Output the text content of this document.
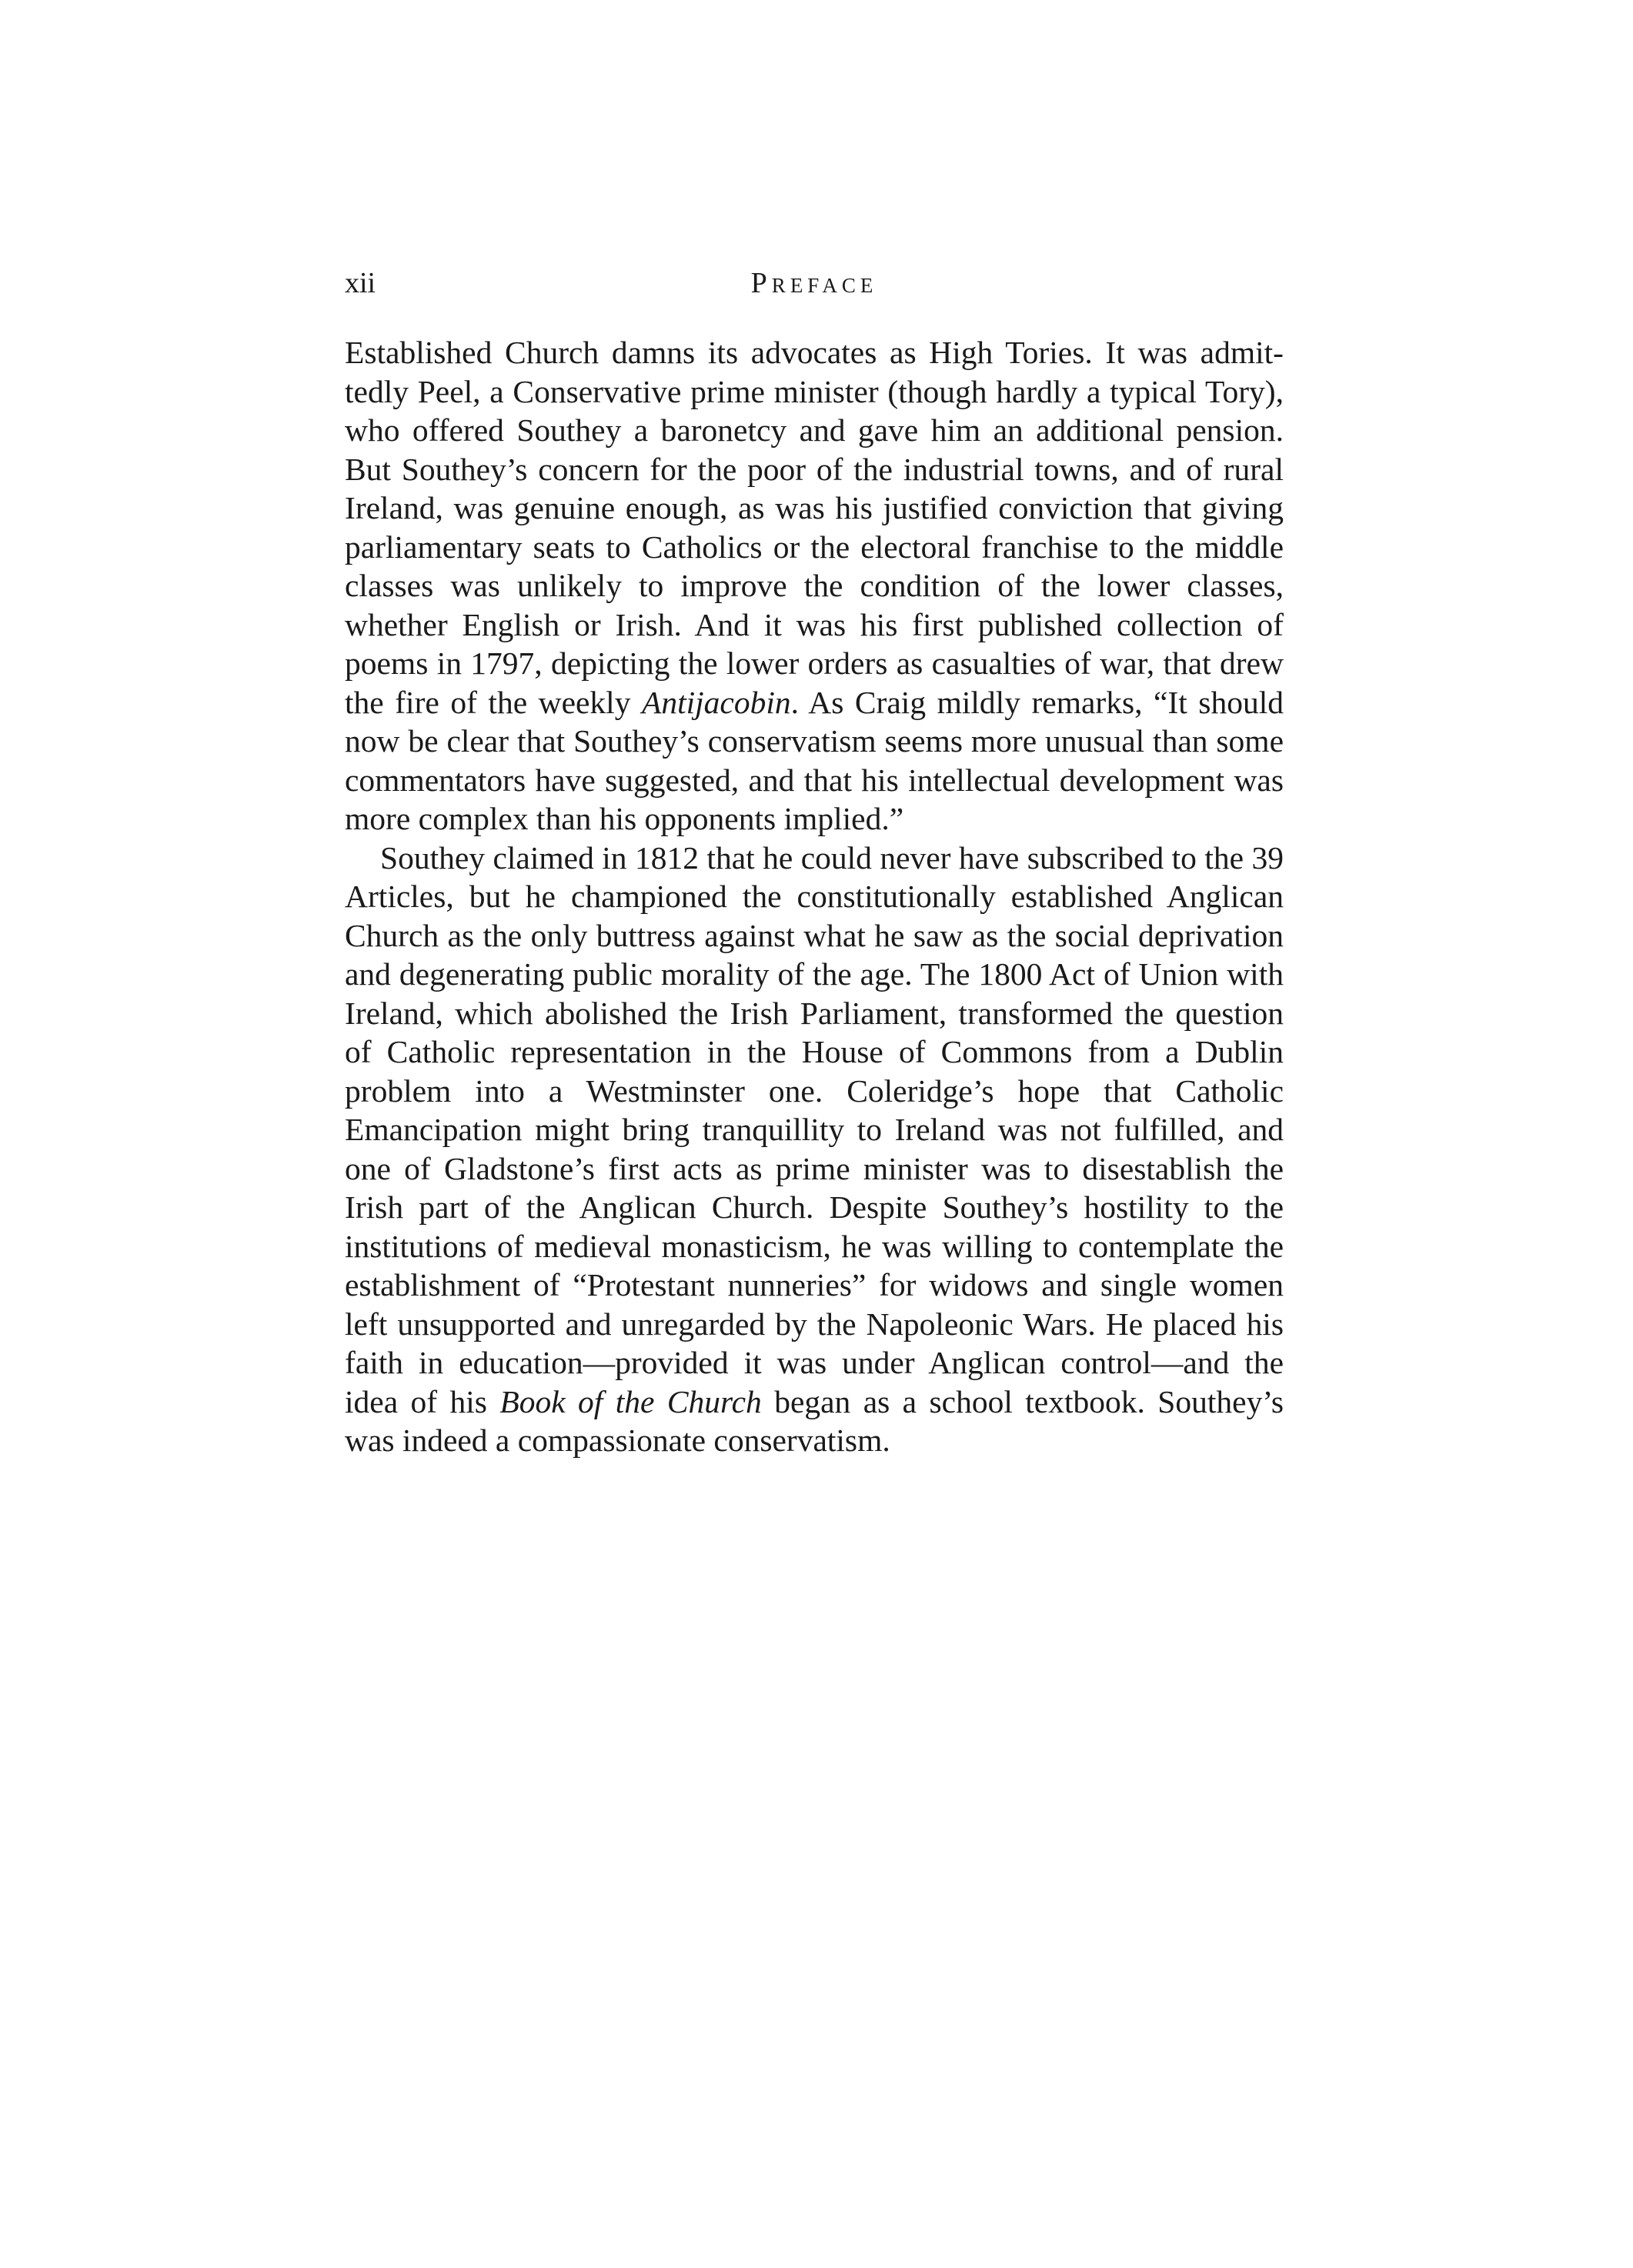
xii	Preface

Established Church damns its advocates as High Tories. It was admittedly Peel, a Conservative prime minister (though hardly a typical Tory), who offered Southey a baronetcy and gave him an additional pension. But Southey’s concern for the poor of the industrial towns, and of rural Ireland, was genuine enough, as was his justified conviction that giving parliamentary seats to Catholics or the electoral franchise to the middle classes was unlikely to improve the condition of the lower classes, whether English or Irish. And it was his first published collection of poems in 1797, depicting the lower orders as casualties of war, that drew the fire of the weekly Antijacobin. As Craig mildly remarks, “It should now be clear that Southey’s conservatism seems more unusual than some commentators have suggested, and that his intellectual development was more complex than his opponents implied.”

Southey claimed in 1812 that he could never have subscribed to the 39 Articles, but he championed the constitutionally established Anglican Church as the only buttress against what he saw as the social deprivation and degenerating public morality of the age. The 1800 Act of Union with Ireland, which abolished the Irish Parliament, transformed the question of Catholic representation in the House of Commons from a Dublin problem into a Westminster one. Coleridge’s hope that Catholic Emancipation might bring tranquillity to Ireland was not fulfilled, and one of Gladstone’s first acts as prime minister was to disestablish the Irish part of the Anglican Church. Despite Southey’s hostility to the institutions of medieval monasticism, he was willing to contemplate the establishment of “Protestant nunneries” for widows and single women left unsupported and unregarded by the Napoleonic Wars. He placed his faith in education—provided it was under Anglican control—and the idea of his Book of the Church began as a school textbook. Southey’s was indeed a compassionate conservatism.
